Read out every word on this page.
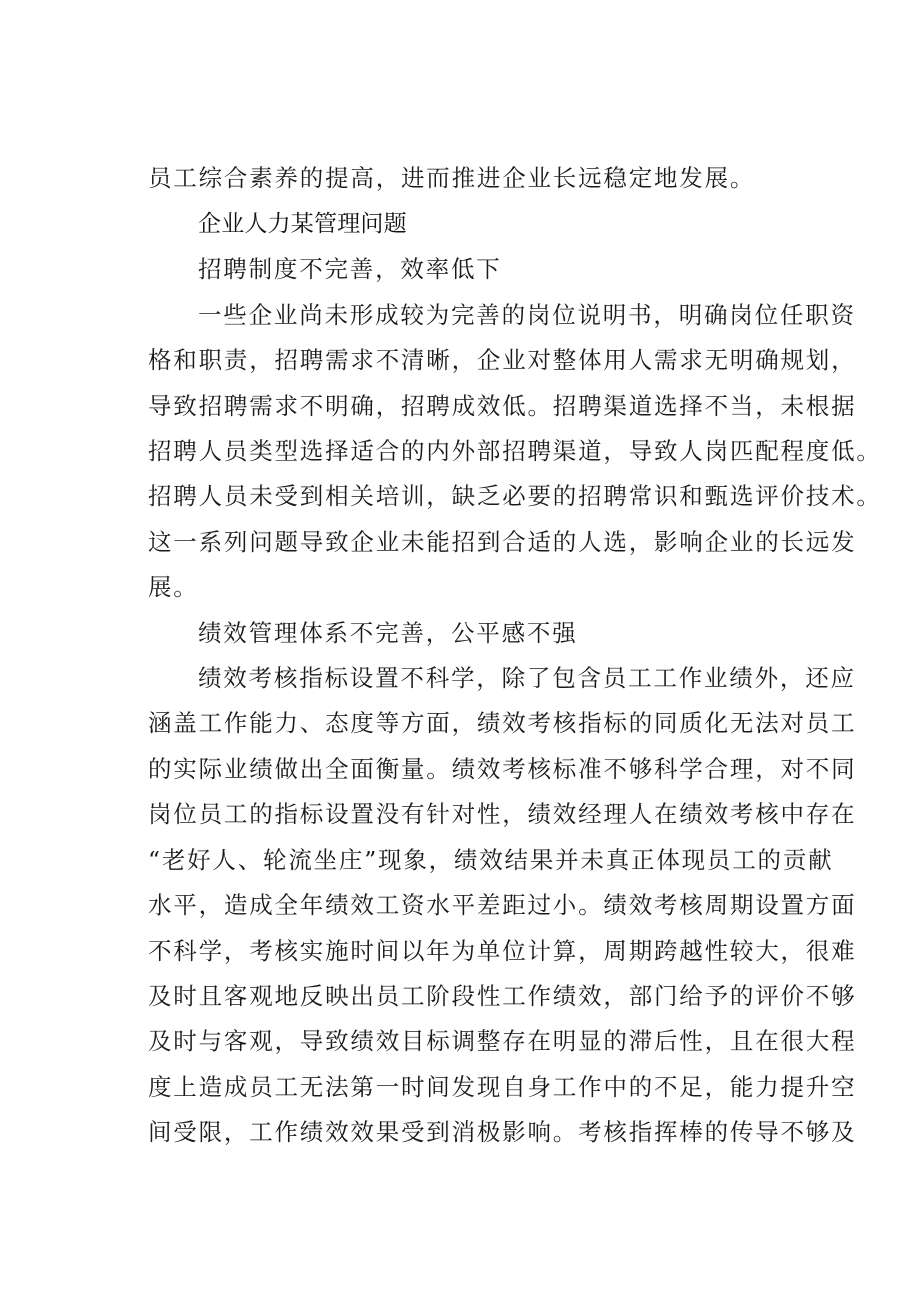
员工综合素养的提高，进而推进企业长远稳定地发展。
企业人力某管理问题
招聘制度不完善，效率低下
一些企业尚未形成较为完善的岗位说明书，明确岗位任职资
格和职责，招聘需求不清晰，企业对整体用人需求无明确规划，
导致招聘需求不明确，招聘成效低。招聘渠道选择不当，未根据
招聘人员类型选择适合的内外部招聘渠道，导致人岗匹配程度低。
招聘人员未受到相关培训，缺乏必要的招聘常识和甄选评价技术。
这一系列问题导致企业未能招到合适的人选，影响企业的长远发
展。
绩效管理体系不完善，公平感不强
绩效考核指标设置不科学，除了包含员工工作业绩外，还应
涵盖工作能力、态度等方面，绩效考核指标的同质化无法对员工
的实际业绩做出全面衡量。绩效考核标准不够科学合理，对不同
岗位员工的指标设置没有针对性，绩效经理人在绩效考核中存在
“老好人、轮流坐庄”现象，绩效结果并未真正体现员工的贡献
水平，造成全年绩效工资水平差距过小。绩效考核周期设置方面
不科学，考核实施时间以年为单位计算，周期跨越性较大，很难
及时且客观地反映出员工阶段性工作绩效，部门给予的评价不够
及时与客观，导致绩效目标调整存在明显的滞后性，且在很大程
度上造成员工无法第一时间发现自身工作中的不足，能力提升空
间受限，工作绩效效果受到消极影响。考核指挥棒的传导不够及
